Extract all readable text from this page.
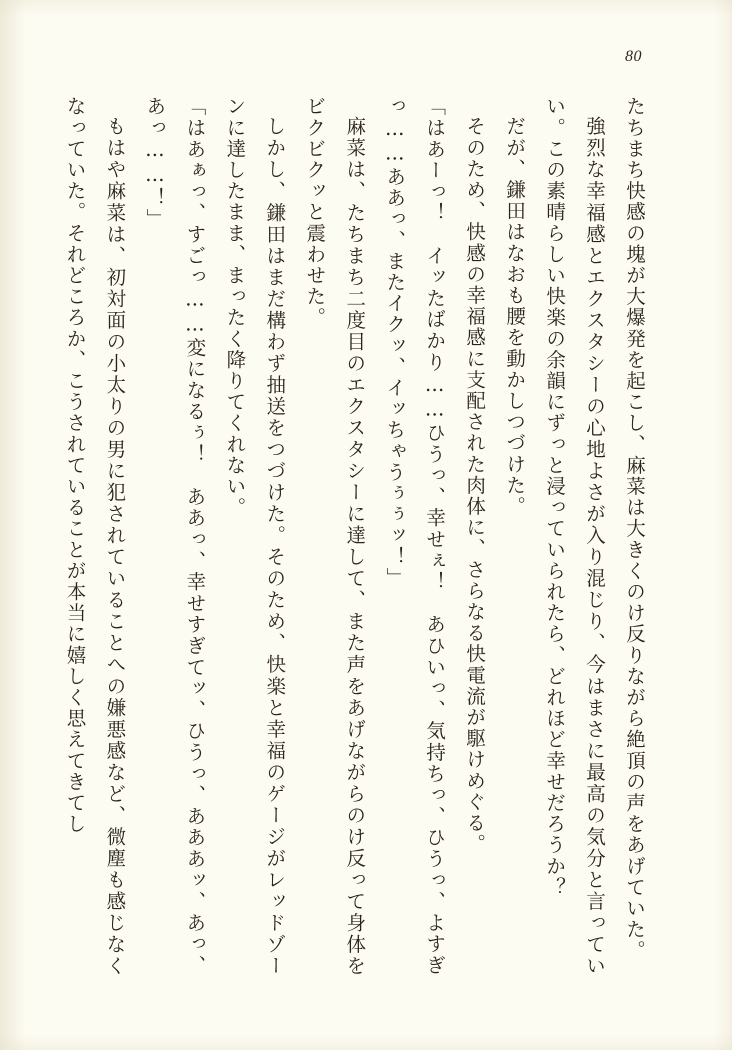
80

たちまち快感の塊が大爆発を起こし、麻菜は大きくのけ反りながら絶頂の声をあげていた。

強烈な幸福感とエクスタシーの心地よさが入り混じり、今はまさに最高の気分と言っていい。この素晴らしい快楽の余韻にずっと浸っていられたら、どれほど幸せだろうか？

だが、鎌田はなおも腰を動かしつづけた。

そのため、快感の幸福感に支配された肉体に、さらなる快電流が駆けめぐる。

「はあーっ！　イッたばかり……ひうっ、幸せぇ！　あひいっ、気持ちっ、ひうっ、よすぎっ……ああっ、またイクッ、イッちゃうぅぅッ！」

麻菜は、たちまち二度目のエクスタシーに達して、また声をあげながらのけ反って身体をビクビクッと震わせた。

しかし、鎌田はまだ構わず抽送をつづけた。そのため、快楽と幸福のゲージがレッドゾーンに達したまま、まったく降りてくれない。

「はあぁっ、すごっ……変になるぅ！　ああっ、幸せすぎてッ、ひうっ、あああッ、あっ、あっ……！」

もはや麻菜は、初対面の小太りの男に犯されていることへの嫌悪感など、微塵も感じなくなっていた。それどころか、こうされていることが本当に嬉しく思えてきてし
